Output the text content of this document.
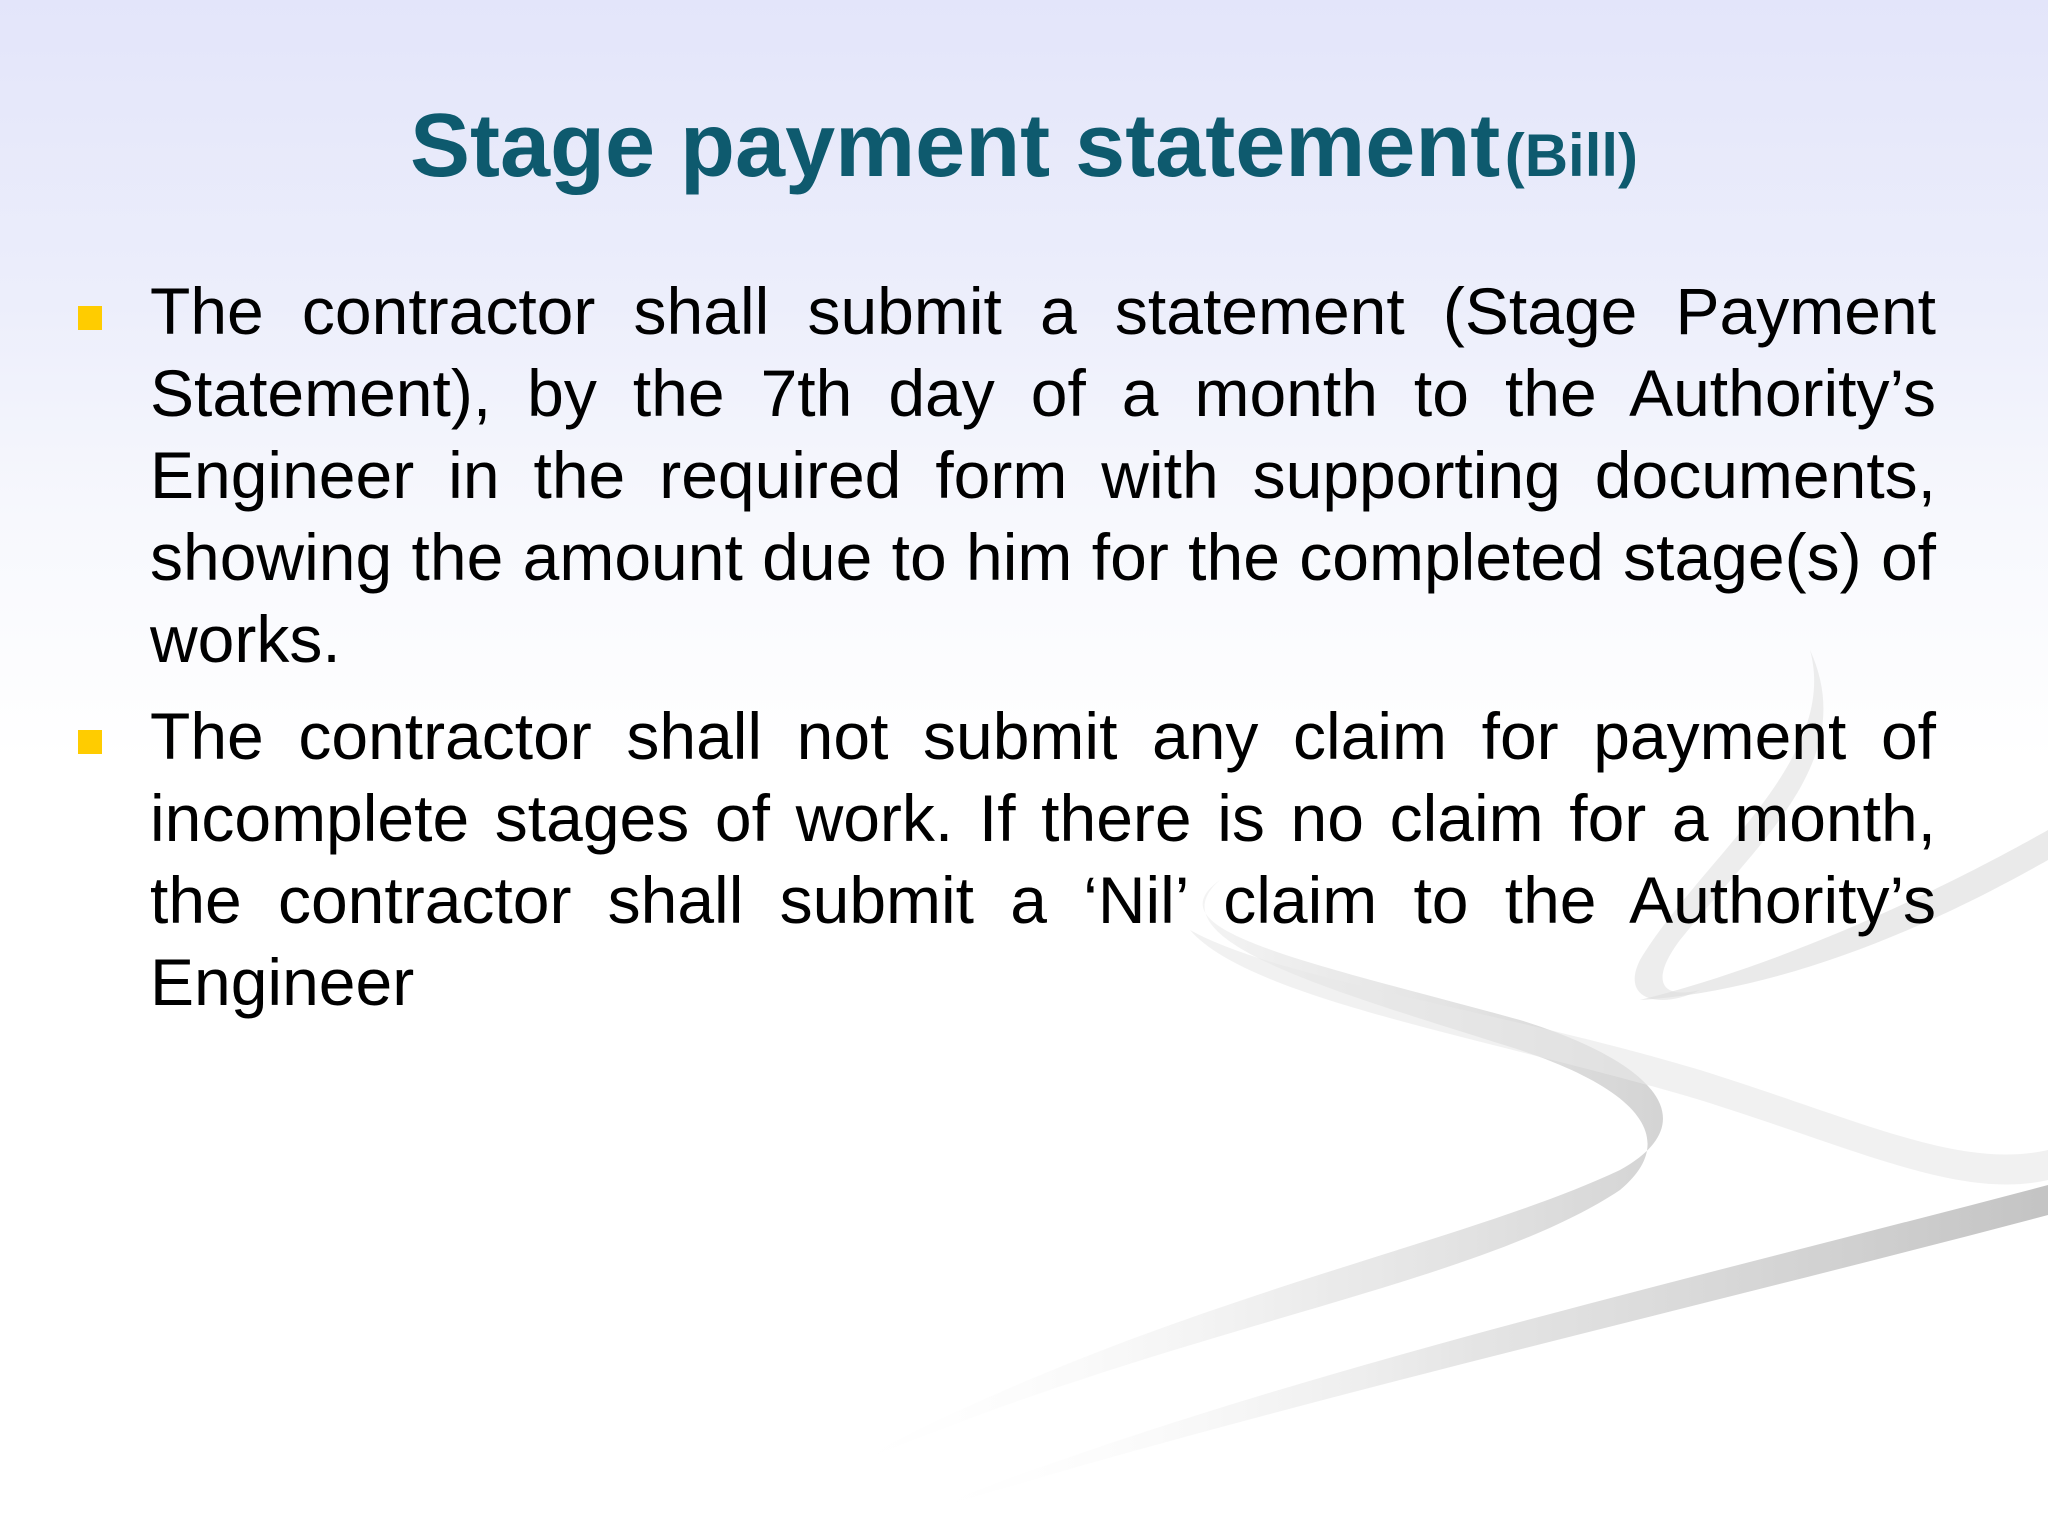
Stage payment statement (Bill)
The contractor shall submit a statement (Stage Payment Statement), by the 7th day of a month to the Authority’s Engineer in the required form with supporting documents, showing the amount due to him for the completed stage(s) of works.
The contractor shall not submit any claim for payment of incomplete stages of work. If there is no claim for a month, the contractor shall submit a ‘Nil’ claim to the Authority’s Engineer
